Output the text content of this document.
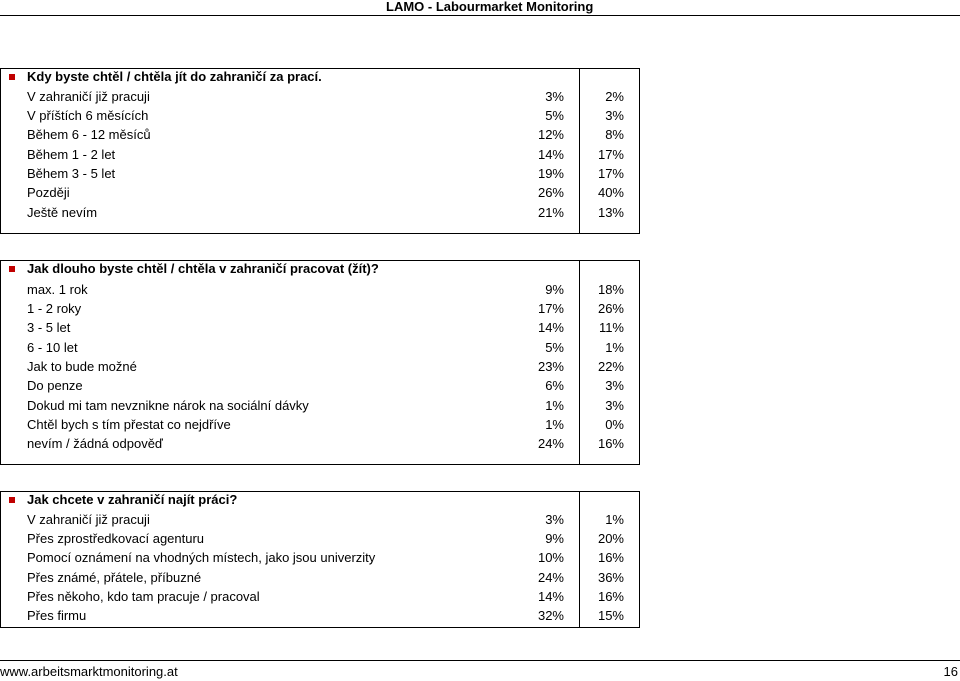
LAMO - Labourmarket Monitoring
Kdy byste chtěl / chtěla jít do zahraničí za prací.
V zahraničí již pracuji	3%	2%
V příštích 6 měsících	5%	3%
Během 6 - 12 měsíců	12%	8%
Během 1 - 2 let	14%	17%
Během 3 - 5 let	19%	17%
Později	26%	40%
Ještě nevím	21%	13%
Jak dlouho byste chtěl / chtěla v zahraničí pracovat (žít)?
max. 1 rok	9%	18%
1 - 2 roky	17%	26%
3 - 5 let	14%	11%
6 - 10 let	5%	1%
Jak to bude možné	23%	22%
Do penze	6%	3%
Dokud mi tam nevznikne nárok na sociální dávky	1%	3%
Chtěl bych s tím přestat co nejdříve	1%	0%
nevím / žádná odpověď	24%	16%
Jak chcete v zahraničí najít práci?
V zahraničí již pracuji	3%	1%
Přes zprostředkovací agenturu	9%	20%
Pomocí oznámení na vhodných místech, jako jsou univerzity	10%	16%
Přes známé, přátele, příbuzné	24%	36%
Přes někoho, kdo tam pracuje / pracoval	14%	16%
Přes firmu	32%	15%
www.arbeitsmarktmonitoring.at	16
